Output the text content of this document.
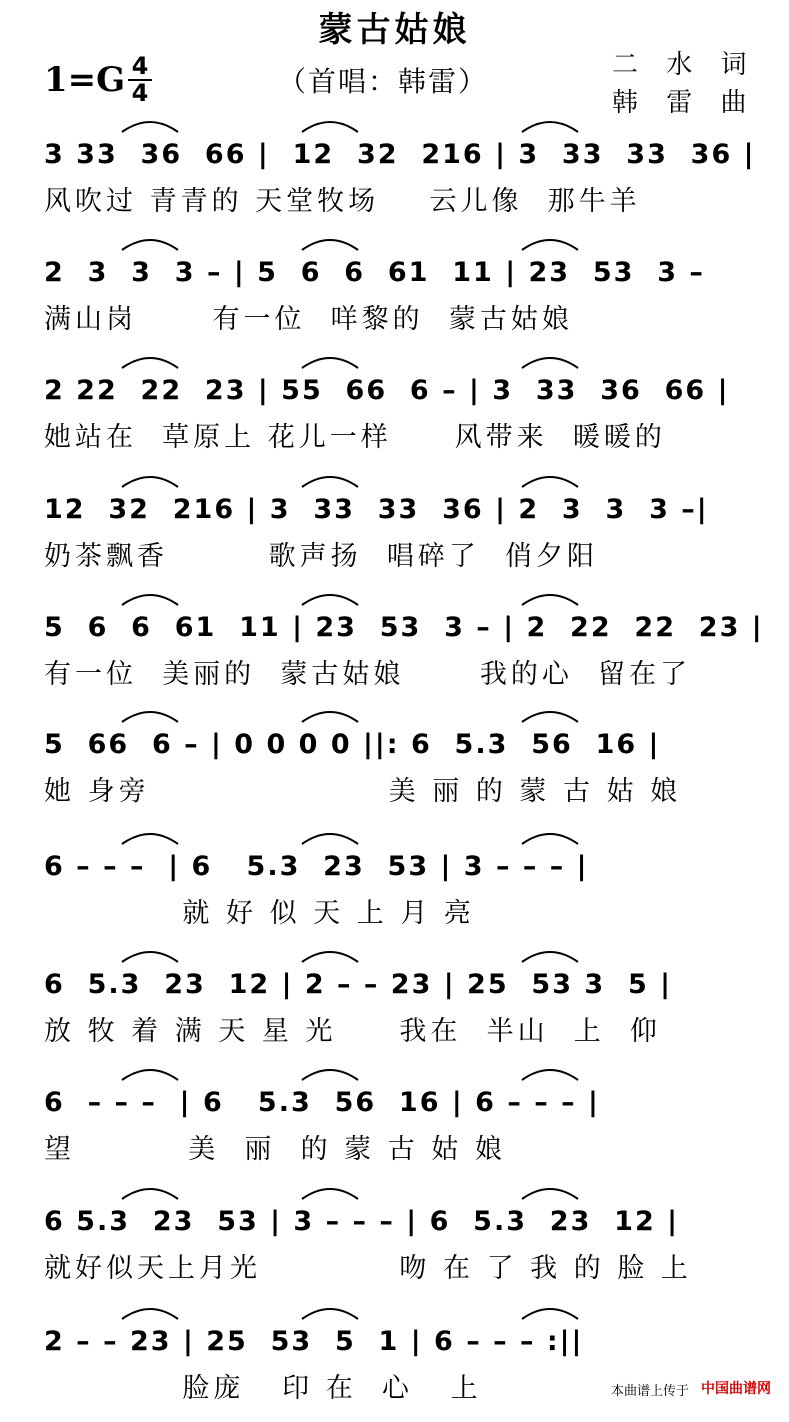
蒙古姑娘
1=G 4
4	（首唱：韩雷）	二 水 词
韩 雷 曲
3 33  36  66 |  12  32  216 | 3  33  33  36 |
风吹过 青青的 天堂牧场    云儿像  那牛羊
2  3  3  3 – | 5  6  6  61  11 | 23  53  3 –
满山岗      有一位  咩黎的  蒙古姑娘
2 22  22  23 | 55  66  6 – | 3  33  36  66 |
她站在  草原上 花儿一样     风带来  暖暖的
12  32  216 | 3  33  33  36 | 2  3  3  3 –|
奶茶飘香        歌声扬  唱碎了  俏夕阳
5  6  6  61  11 | 23  53  3 – | 2  22  22  23 |
有一位  美丽的  蒙古姑娘      我的心  留在了
5  66  6 – | 0 0 0 0 ||: 6  5.3  56  16 |
她 身旁                   美 丽 的 蒙 古 姑 娘
6 – – –  | 6   5.3  23  53 | 3 – – – |
就 好 似 天 上 月 亮
6  5.3  23  12 | 2 – – 23 | 25  53 3  5 |
放 牧 着 满 天 星 光     我在  半山  上  仰
6  – – –  | 6   5.3  56  16 | 6 – – – |
望         美  丽  的 蒙 古 姑 娘
6 5.3  23  53 | 3 – – – | 6  5.3  23  12 |
就好似天上月光           吻 在 了 我 的 脸 上
2 – – 23 | 25  53  5  1 | 6 – – – :||
脸庞   印 在  心   上	本曲谱上传于 中国曲谱网
